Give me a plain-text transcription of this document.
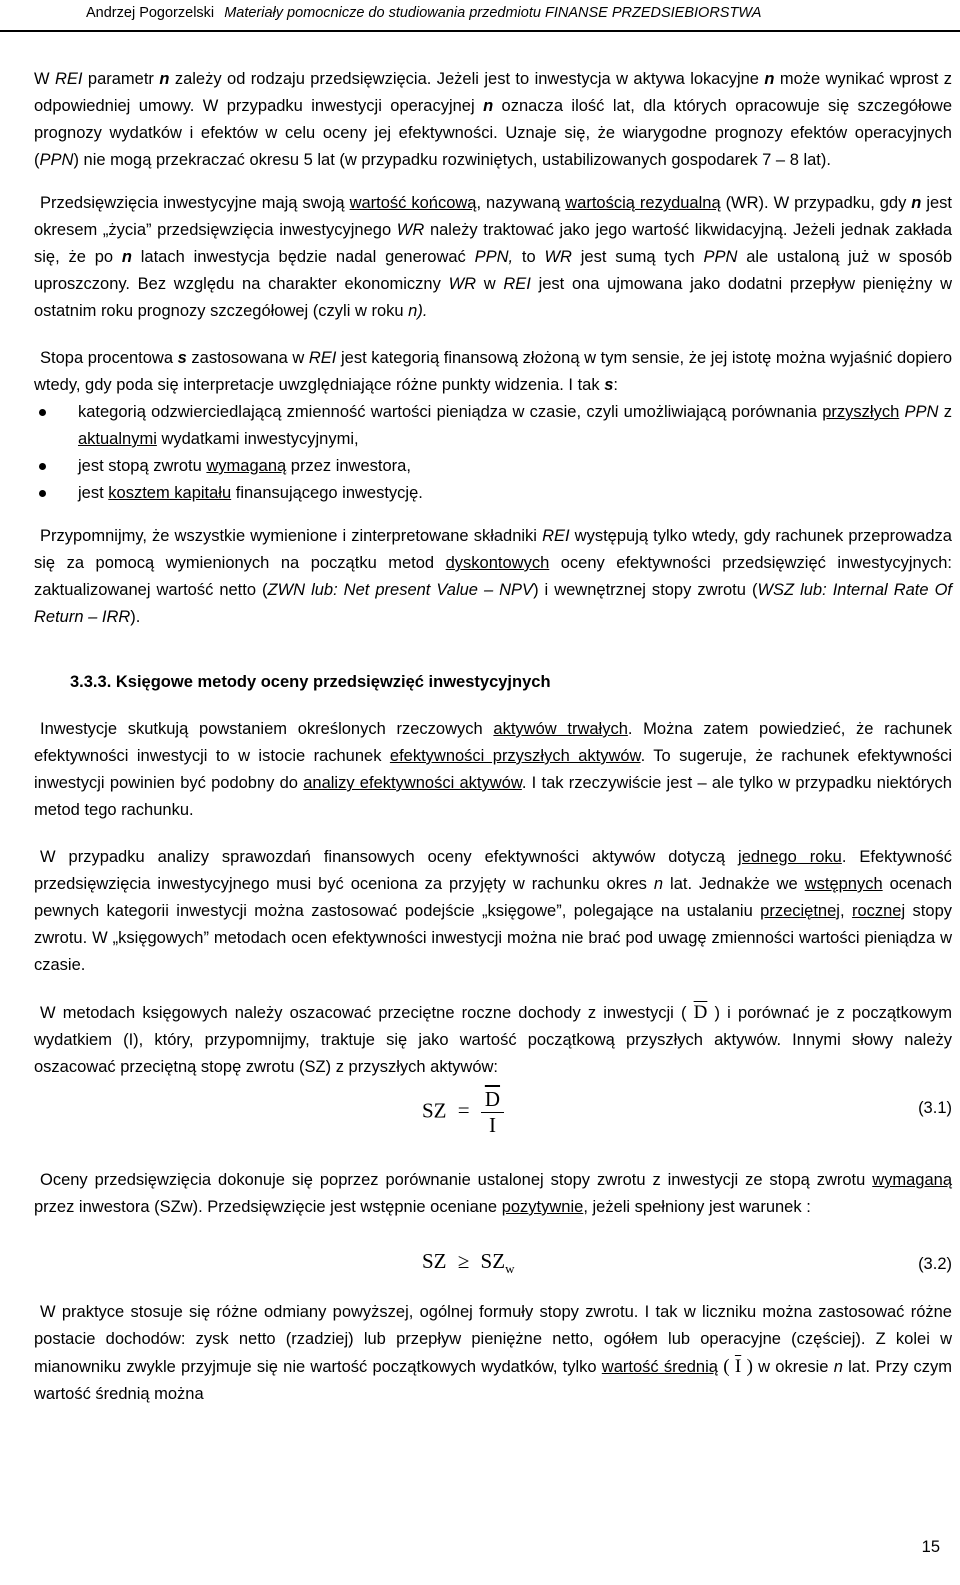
Andrzej Pogorzelski Materiały pomocnicze do studiowania przedmiotu FINANSE PRZEDSIEBIORSTWA

W REI parametr n zależy od rodzaju przedsięwzięcia. Jeżeli jest to inwestycja w aktywa lokacyjne n może wynikać wprost z odpowiedniej umowy. W przypadku inwestycji operacyjnej n oznacza ilość lat, dla których opracowuje się szczegółowe prognozy wydatków i efektów w celu oceny jej efektywności. Uznaje się, że wiarygodne prognozy efektów operacyjnych (PPN) nie mogą przekraczać okresu 5 lat (w przypadku rozwiniętych, ustabilizowanych gospodarek 7 – 8 lat).

Przedsięwzięcia inwestycyjne mają swoją wartość końcową, nazywaną wartością rezydualną (WR). W przypadku, gdy n jest okresem „życia” przedsięwzięcia inwestycyjnego WR należy traktować jako jego wartość likwidacyjną. Jeżeli jednak zakłada się, że po n latach inwestycja będzie nadal generować PPN, to WR jest sumą tych PPN ale ustaloną już w sposób uproszczony. Bez względu na charakter ekonomiczny WR w REI jest ona ujmowana jako dodatni przepływ pieniężny w ostatnim roku prognozy szczegółowej (czyli w roku n).

Stopa procentowa s zastosowana w REI jest kategorią finansową złożoną w tym sensie, że jej istotę można wyjaśnić dopiero wtedy, gdy poda się interpretacje uwzględniające różne punkty widzenia. I tak s:

kategorią odzwierciedlającą zmienność wartości pieniądza w czasie, czyli umożliwiającą porównania przyszłych PPN z aktualnymi wydatkami inwestycyjnymi,
jest stopą zwrotu wymaganą przez inwestora,
jest kosztem kapitału finansującego inwestycję.

Przypomnijmy, że wszystkie wymienione i zinterpretowane składniki REI występują tylko wtedy, gdy rachunek przeprowadza się za pomocą wymienionych na początku metod dyskontowych oceny efektywności przedsięwzięć inwestycyjnych: zaktualizowanej wartość netto (ZWN lub: Net present Value – NPV) i wewnętrznej stopy zwrotu (WSZ lub: Internal Rate Of Return – IRR).

3.3.3. Księgowe metody oceny przedsięwzięć inwestycyjnych

Inwestycje skutkują powstaniem określonych rzeczowych aktywów trwałych. Można zatem powiedzieć, że rachunek efektywności inwestycji to w istocie rachunek efektywności przyszłych aktywów. To sugeruje, że rachunek efektywności inwestycji powinien być podobny do analizy efektywności aktywów. I tak rzeczywiście jest – ale tylko w przypadku niektórych metod tego rachunku.

W przypadku analizy sprawozdań finansowych oceny efektywności aktywów dotyczą jednego roku. Efektywność przedsięwzięcia inwestycyjnego musi być oceniona za przyjęty w rachunku okres n lat. Jednakże we wstępnych ocenach pewnych kategorii inwestycji można zastosować podejście „księgowe”, polegające na ustalaniu przeciętnej, rocznej stopy zwrotu. W „księgowych” metodach ocen efektywności inwestycji można nie brać pod uwagę zmienności wartości pieniądza w czasie.

W metodach księgowych należy oszacować przeciętne roczne dochody z inwestycji ( $\overline{D}$ ) i porównać je z początkowym wydatkiem (I), który, przypomnijmy, traktuje się jako wartość początkową przyszłych aktywów. Innymi słowy należy oszacować przeciętną stopę zwrotu (SZ) z przyszłych aktywów:

SZ = $\frac{\overline{D}}{I}$	(3.1)

Oceny przedsięwzięcia dokonuje się poprzez porównanie ustalonej stopy zwrotu z inwestycji ze stopą zwrotu wymaganą przez inwestora (SZw). Przedsięwzięcie jest wstępnie oceniane pozytywnie, jeżeli spełniony jest warunek :

SZ ≥ $SZ_w$	(3.2)

W praktyce stosuje się różne odmiany powyższej, ogólnej formuły stopy zwrotu. I tak w liczniku można zastosować różne postacie dochodów: zysk netto (rzadziej) lub przepływ pieniężne netto, ogółem lub operacyjne (częściej). Z kolei w mianowniku zwykle przyjmuje się nie wartość początkowych wydatków, tylko wartość średnią ( $\overline{I}$ ) w okresie n lat. Przy czym wartość średnią można

15
